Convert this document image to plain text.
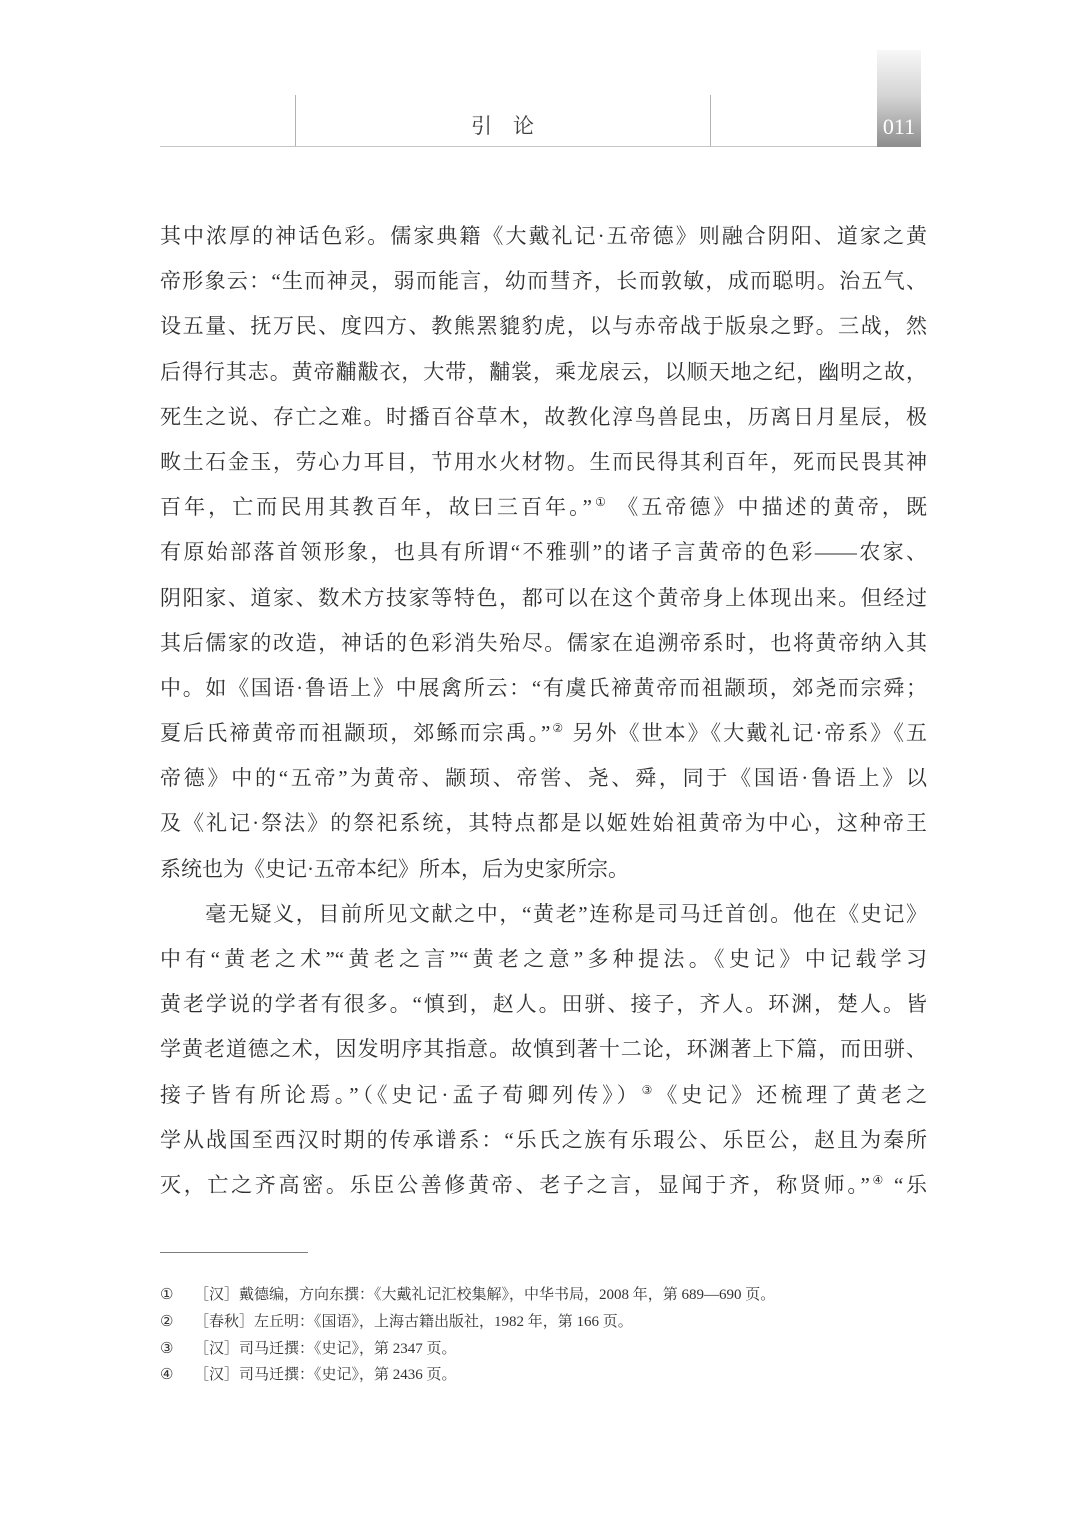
引　论	011
其中浓厚的神话色彩。儒家典籍《大戴礼记·五帝德》则融合阴阳、道家之黄
帝形象云：“生而神灵，弱而能言，幼而彗齐，长而敦敏，成而聪明。治五气、
设五量、抚万民、度四方、教熊罴貔豹虎，以与赤帝战于版泉之野。三战，然
后得行其志。黄帝黼黻衣，大带，黼裳，乘龙扆云，以顺天地之纪，幽明之故，
死生之说、存亡之难。时播百谷草木，故教化淳鸟兽昆虫，历离日月星辰，极
畋土石金玉，劳心力耳目，节用水火材物。生而民得其利百年，死而民畏其神
百年，亡而民用其教百年，故曰三百年。”① 《五帝德》中描述的黄帝，既
有原始部落首领形象，也具有所谓“不雅驯”的诸子言黄帝的色彩——农家、
阴阳家、道家、数术方技家等特色，都可以在这个黄帝身上体现出来。但经过
其后儒家的改造，神话的色彩消失殆尽。儒家在追溯帝系时，也将黄帝纳入其
中。如《国语·鲁语上》中展禽所云：“有虞氏禘黄帝而祖颛顼，郊尧而宗舜；
夏后氏禘黄帝而祖颛顼，郊鲧而宗禹。”② 另外《世本》《大戴礼记·帝系》《五
帝德》中的“五帝”为黄帝、颛顼、帝喾、尧、舜，同于《国语·鲁语上》以
及《礼记·祭法》的祭祀系统，其特点都是以姬姓始祖黄帝为中心，这种帝王
系统也为《史记·五帝本纪》所本，后为史家所宗。
　　毫无疑义，目前所见文献之中，“黄老”连称是司马迁首创。他在《史记》
中有“黄老之术”“黄老之言”“黄老之意”多种提法。《史记》中记载学习
黄老学说的学者有很多。“慎到，赵人。田骈、接子，齐人。环渊，楚人。皆
学黄老道德之术，因发明序其指意。故慎到著十二论，环渊著上下篇，而田骈、
接子皆有所论焉。”（《史记·孟子荀卿列传》）③《史记》还梳理了黄老之
学从战国至西汉时期的传承谱系：“乐氏之族有乐瑕公、乐臣公，赵且为秦所
灭，亡之齐高密。乐臣公善修黄帝、老子之言，显闻于齐，称贤师。”④ “乐
①	［汉］戴德编，方向东撰：《大戴礼记汇校集解》，中华书局，2008 年，第 689—690 页。
②	［春秋］左丘明：《国语》，上海古籍出版社，1982 年，第 166 页。
③	［汉］司马迁撰：《史记》，第 2347 页。
④	［汉］司马迁撰：《史记》，第 2436 页。
